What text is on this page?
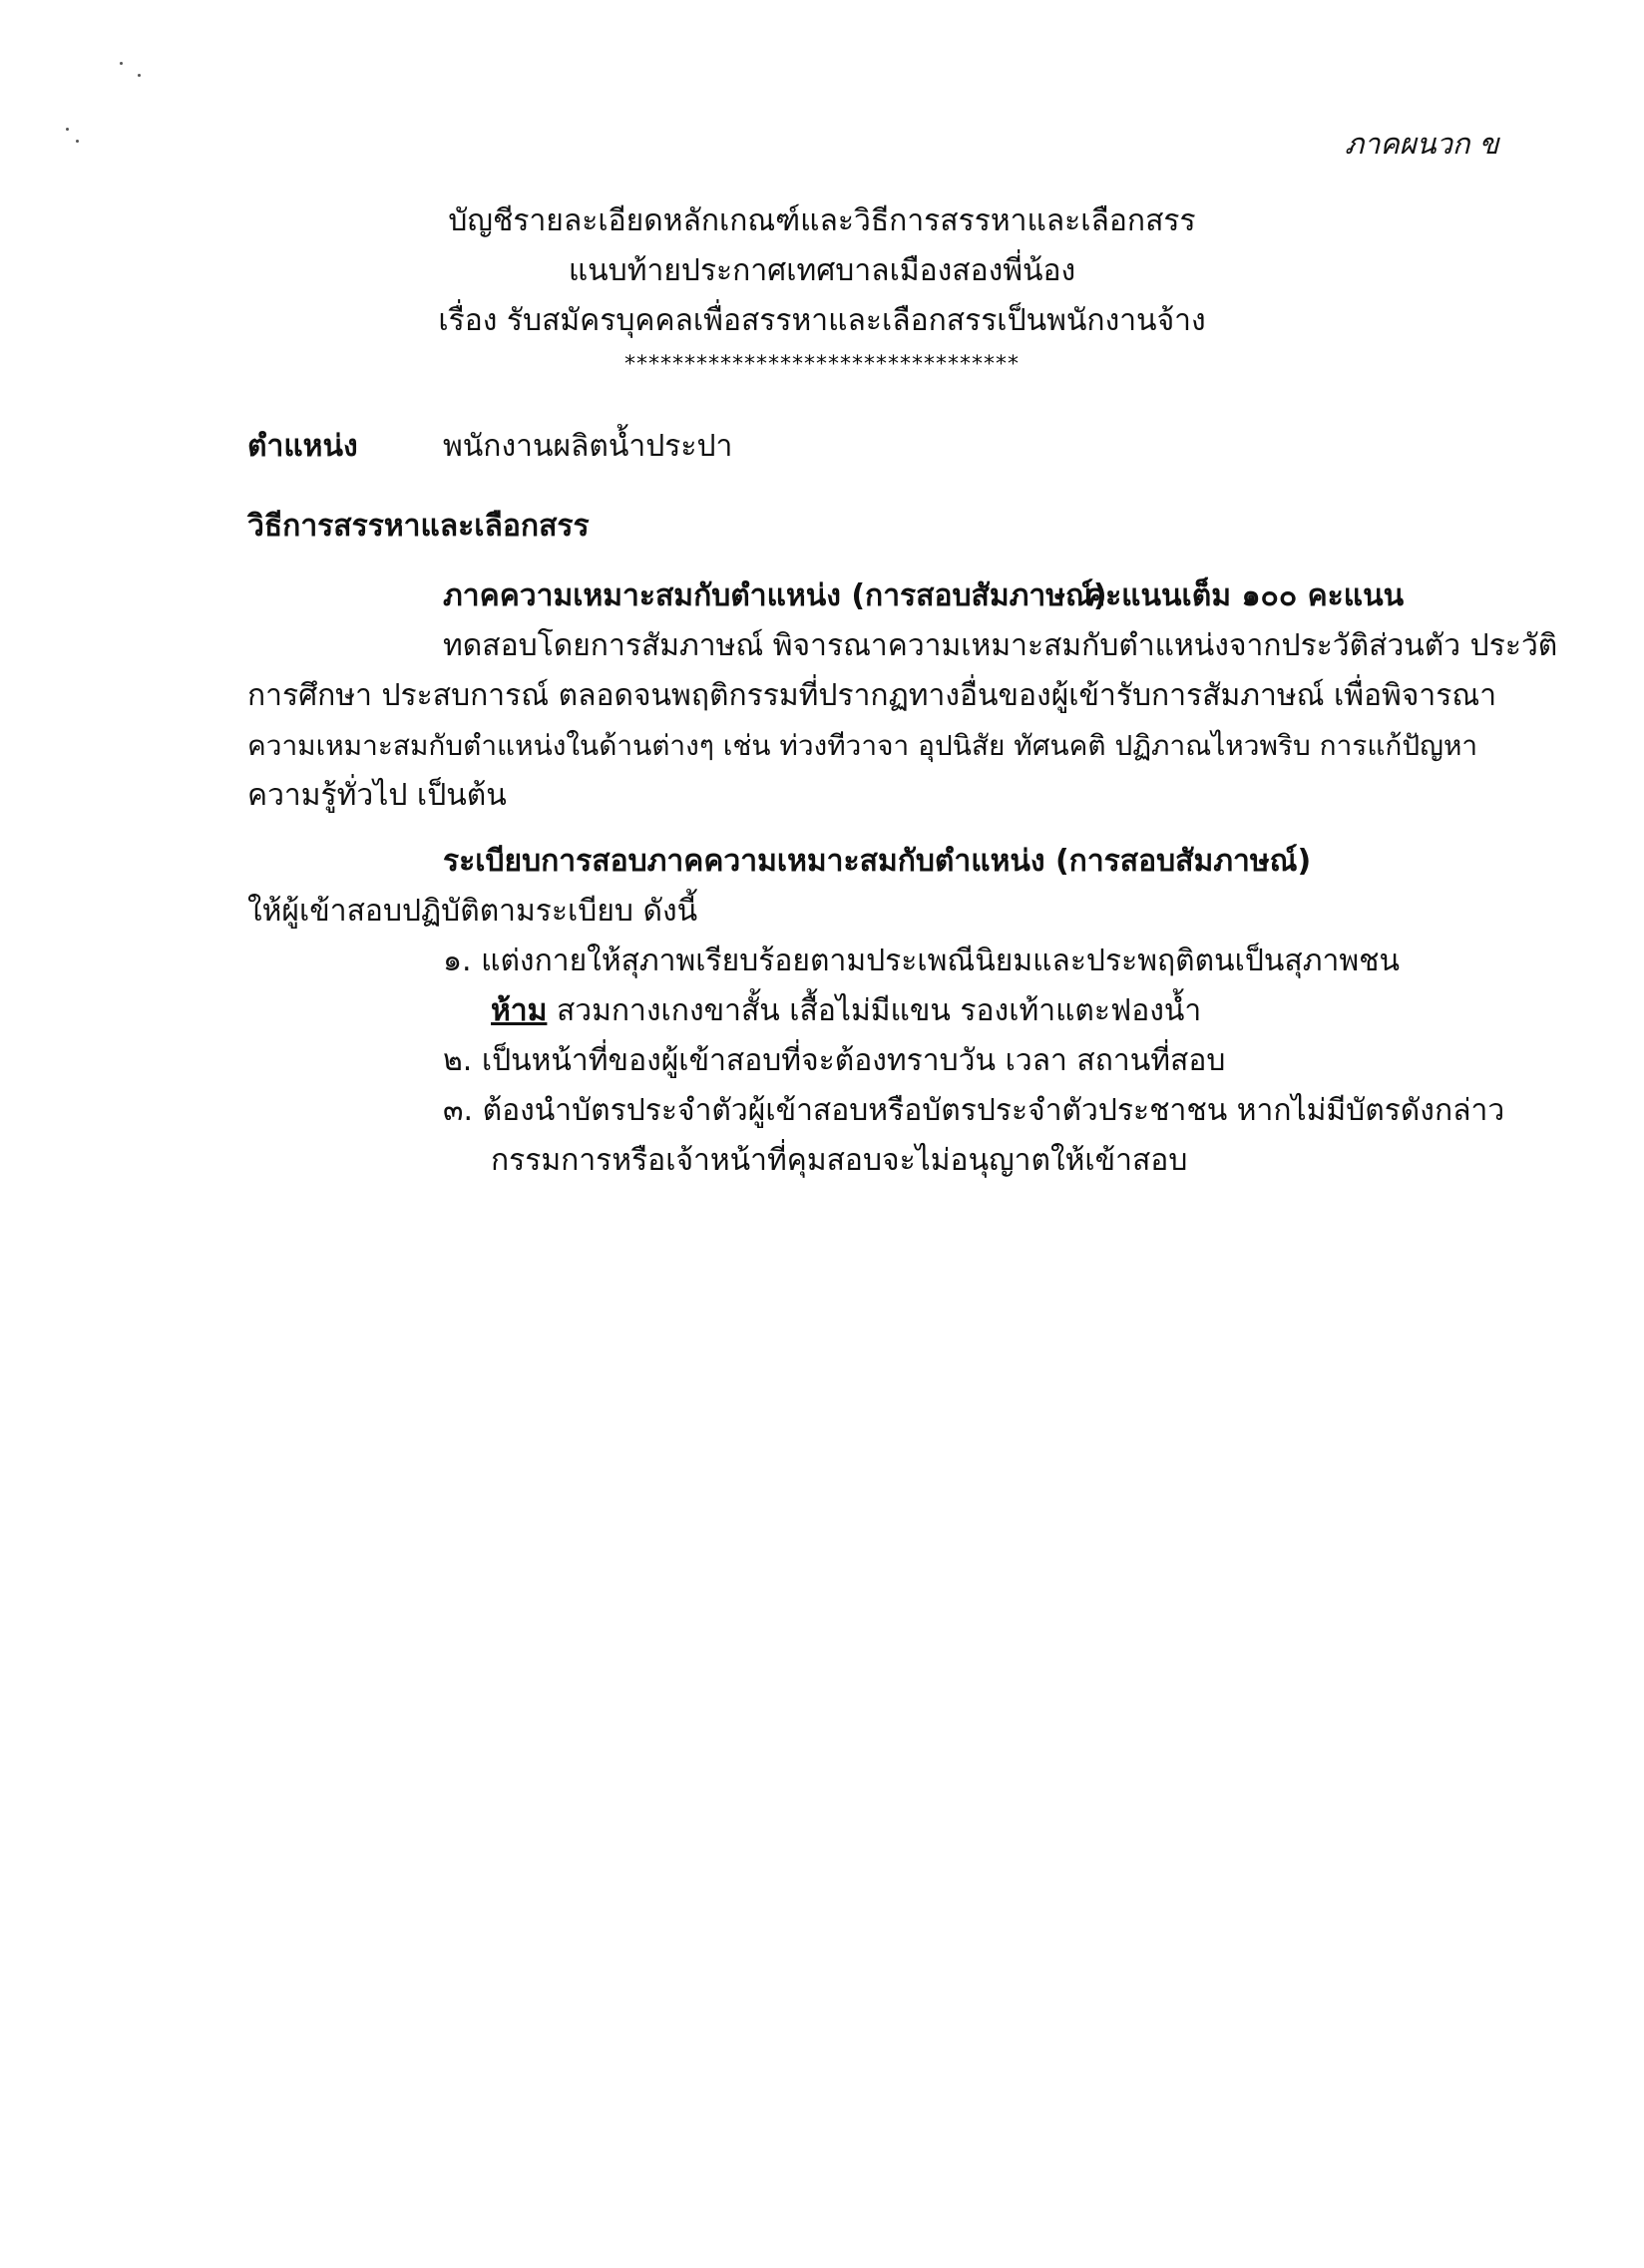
ภาคผนวก ข
บัญชีรายละเอียดหลักเกณฑ์และวิธีการสรรหาและเลือกสรร
แนบท้ายประกาศเทศบาลเมืองสองพี่น้อง
เรื่อง รับสมัครบุคคลเพื่อสรรหาและเลือกสรรเป็นพนักงานจ้าง
*********************************
ตำแหน่ง	พนักงานผลิตน้ำประปา
วิธีการสรรหาและเลือกสรร
ภาคความเหมาะสมกับตำแหน่ง (การสอบสัมภาษณ์)
คะแนนเต็ม ๑๐๐ คะแนน
ทดสอบโดยการสัมภาษณ์ พิจารณาความเหมาะสมกับตำแหน่งจากประวัติส่วนตัว ประวัติ
การศึกษา ประสบการณ์ ตลอดจนพฤติกรรมที่ปรากฏทางอื่นของผู้เข้ารับการสัมภาษณ์ เพื่อพิจารณา
ความเหมาะสมกับตำแหน่งในด้านต่างๆ เช่น ท่วงทีวาจา อุปนิสัย ทัศนคติ ปฏิภาณไหวพริบ การแก้ปัญหา
ความรู้ทั่วไป เป็นต้น
ระเบียบการสอบภาคความเหมาะสมกับตำแหน่ง (การสอบสัมภาษณ์)
ให้ผู้เข้าสอบปฏิบัติตามระเบียบ ดังนี้
๑. แต่งกายให้สุภาพเรียบร้อยตามประเพณีนิยมและประพฤติตนเป็นสุภาพชน
ห้าม สวมกางเกงขาสั้น เสื้อไม่มีแขน รองเท้าแตะฟองน้ำ
๒. เป็นหน้าที่ของผู้เข้าสอบที่จะต้องทราบวัน เวลา สถานที่สอบ
๓. ต้องนำบัตรประจำตัวผู้เข้าสอบหรือบัตรประจำตัวประชาชน หากไม่มีบัตรดังกล่าว
กรรมการหรือเจ้าหน้าที่คุมสอบจะไม่อนุญาตให้เข้าสอบ
